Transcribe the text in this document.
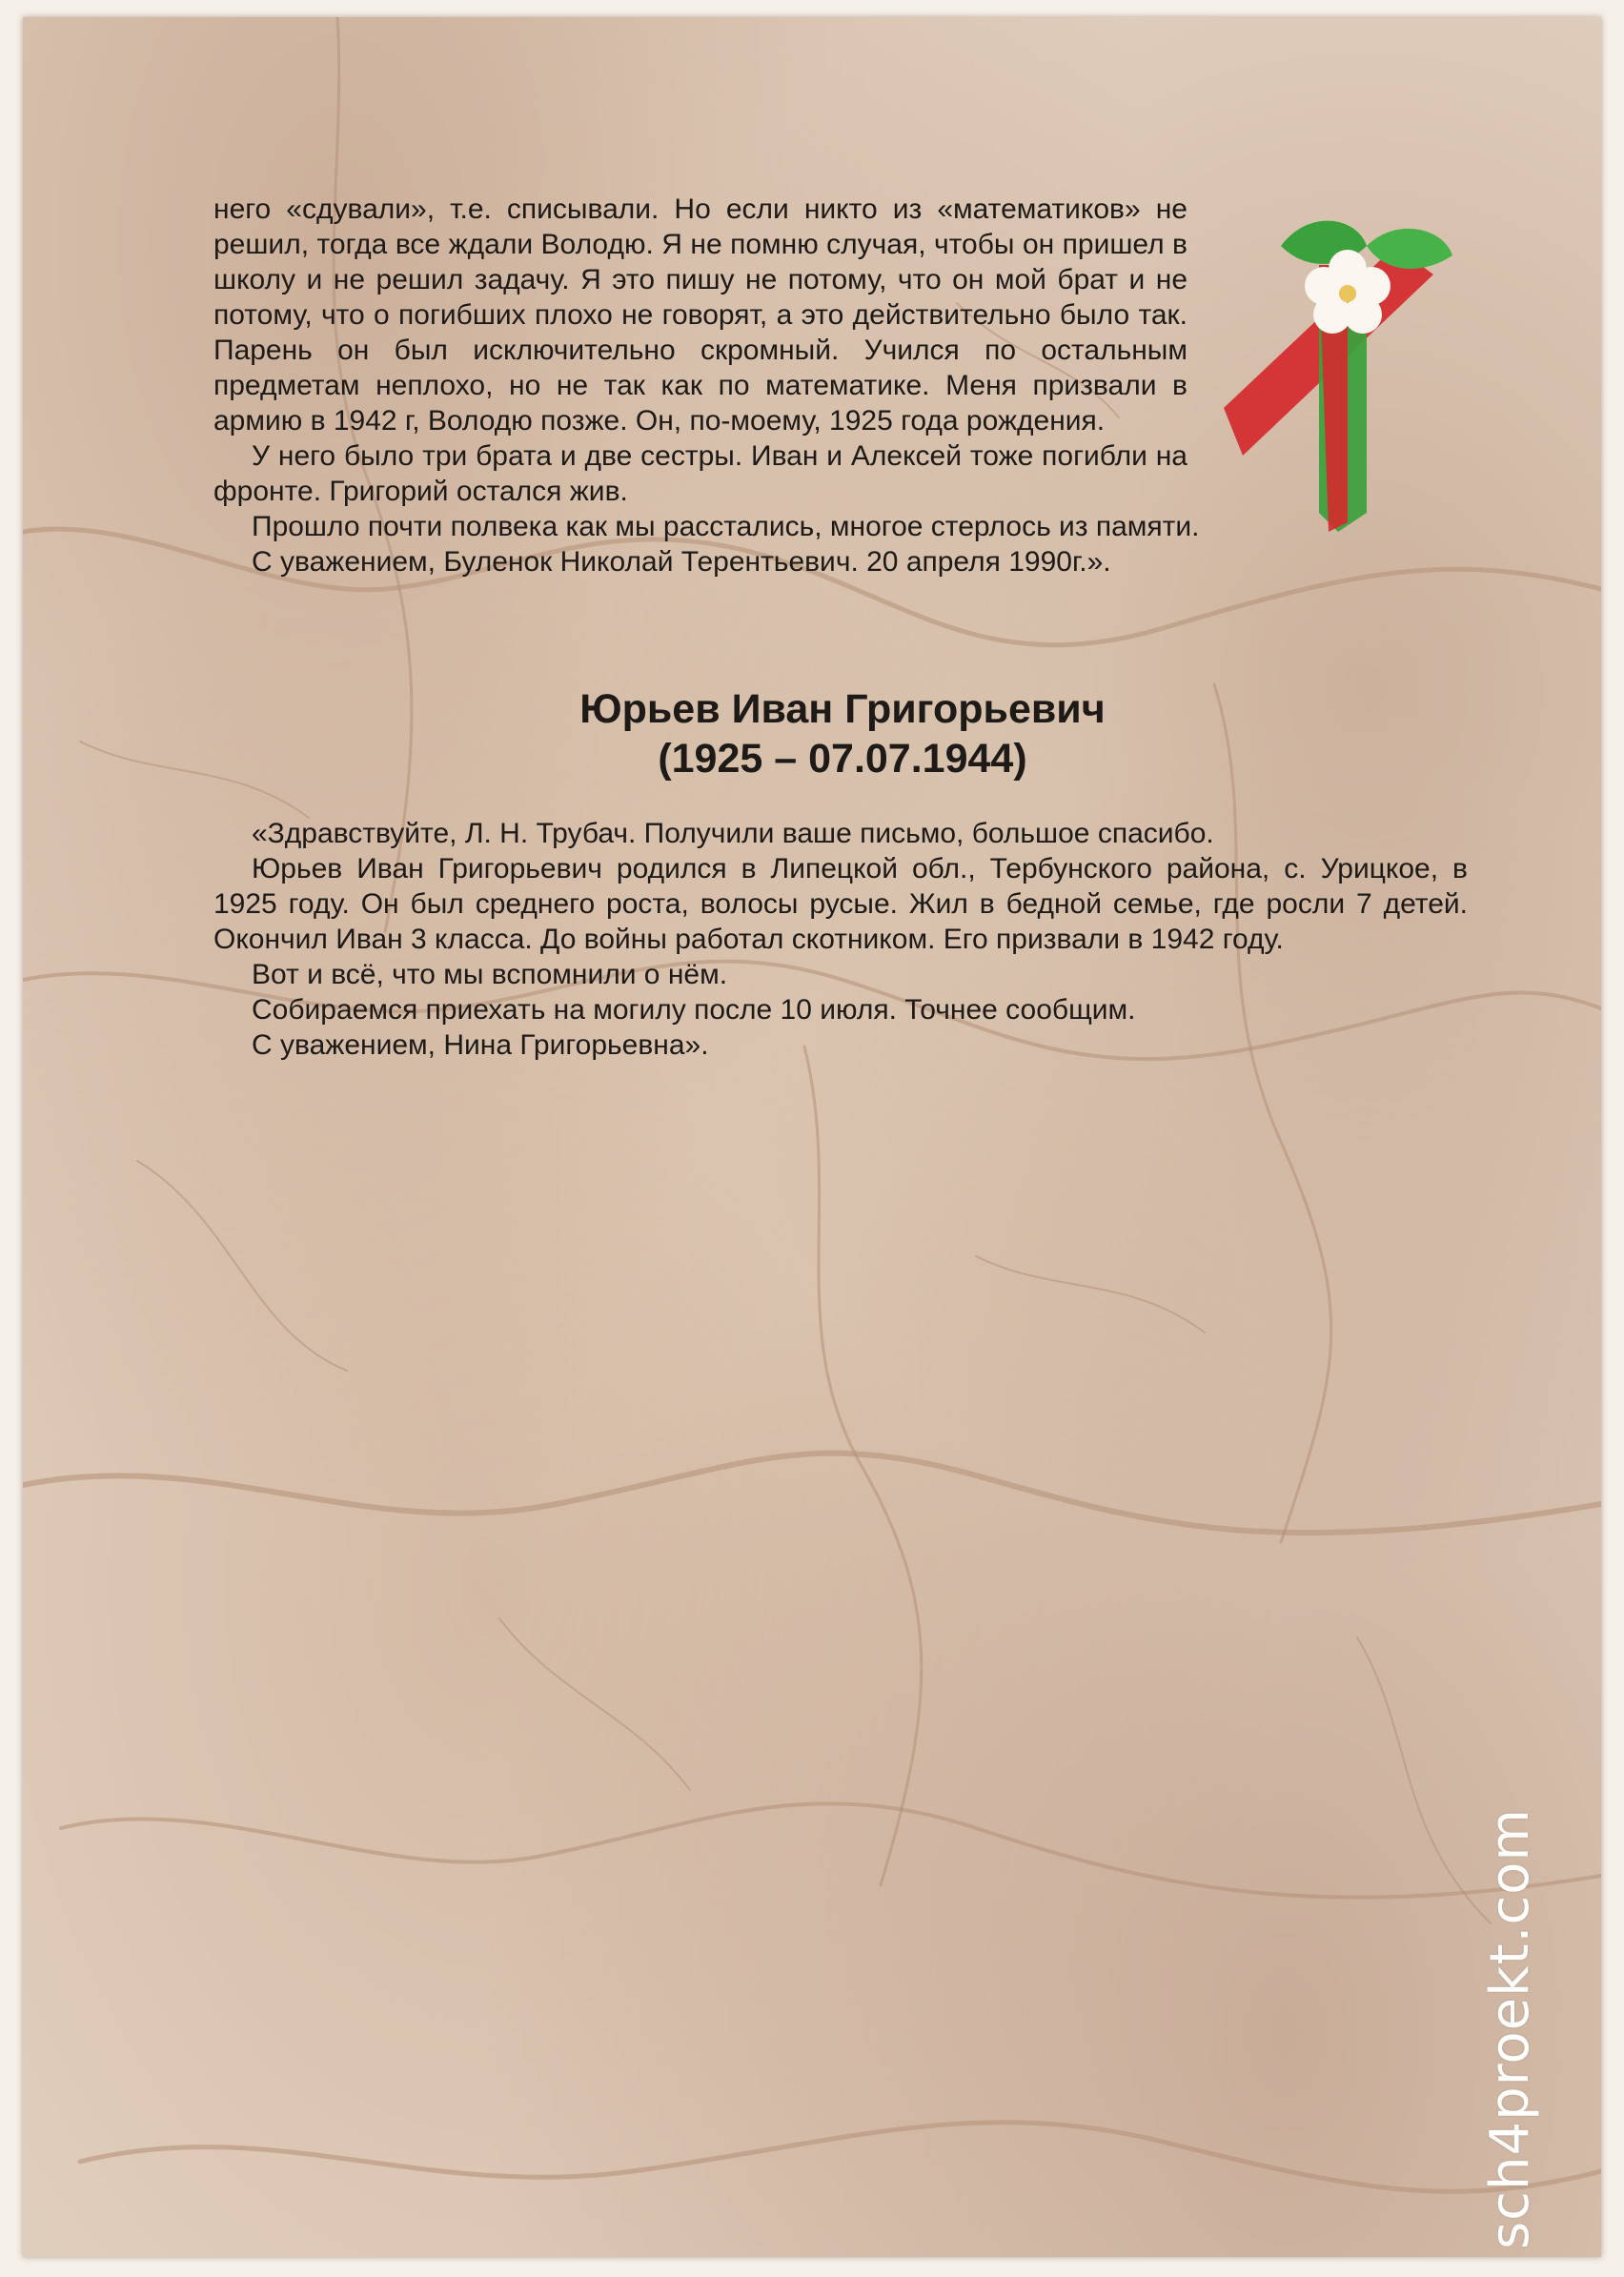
него «сдували», т.е. списывали. Но если никто из «математиков» не решил, тогда все ждали Володю. Я не помню случая, чтобы он пришел в школу и не решил задачу. Я это пишу не потому, что он мой брат и не потому, что о погибших плохо не говорят, а это действительно было так. Парень он был исключительно скромный. Учился по остальным предметам неплохо, но не так как по математике. Меня призвали в армию в 1942 г, Володю позже. Он, по-моему, 1925 года рождения.

У него было три брата и две сестры. Иван и Алексей тоже погибли на фронте. Григорий остался жив.

Прошло почти полвека как мы расстались, многое стерлось из памяти.

С уважением, Буленок Николай Терентьевич. 20 апреля 1990г.».

Юрьев Иван Григорьевич
(1925 – 07.07.1944)

«Здравствуйте, Л. Н. Трубач. Получили ваше письмо, большое спасибо.

Юрьев Иван Григорьевич родился в Липецкой обл., Тербунского района, с. Урицкое, в 1925 году. Он был среднего роста, волосы русые. Жил в бедной семье, где росли 7 детей. Окончил Иван 3 класса. До войны работал скотником. Его призвали в 1942 году.

Вот и всё, что мы вспомнили о нём.

Собираемся приехать на могилу после 10 июля. Точнее сообщим.

С уважением, Нина Григорьевна».

sch4proekt.com
